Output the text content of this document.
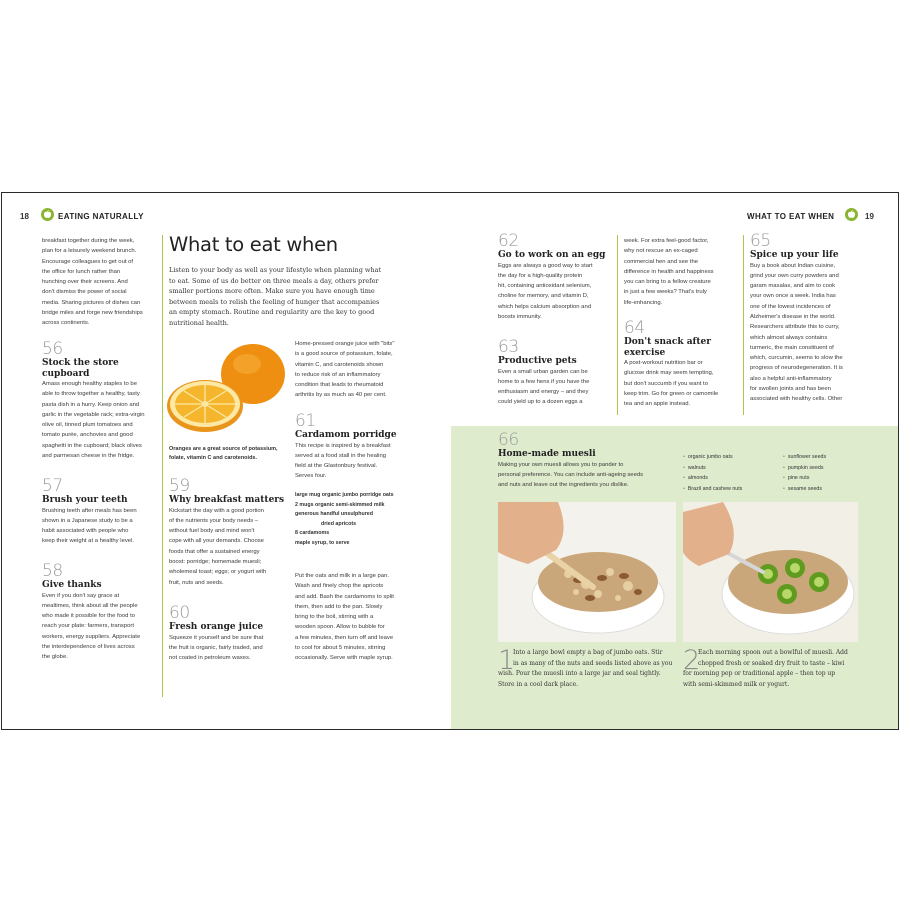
18	EATING NATURALLY	WHAT TO EAT WHEN	19
breakfast together during the week,
plan for a leisurely weekend brunch.
Encourage colleagues to get out of
the office for lunch rather than
hunching over their screens. And
don't dismiss the power of social
media. Sharing pictures of dishes can
bridge miles and forge new friendships
across continents.
56
Stock the store
cupboard
Amass enough healthy staples to be
able to throw together a healthy, tasty
pasta dish in a hurry. Keep onion and
garlic in the vegetable rack; extra-virgin
olive oil, tinned plum tomatoes and
tomato purée, anchovies and good
spaghetti in the cupboard; black olives
and parmesan cheese in the fridge.
57
Brush your teeth
Brushing teeth after meals has been
shown in a Japanese study to be a
habit associated with people who
keep their weight at a healthy level.
58
Give thanks
Even if you don't say grace at
mealtimes, think about all the people
who made it possible for the food to
reach your plate: farmers, transport
workers, energy suppliers. Appreciate
the interdependence of lives across
the globe.
What to eat when
Listen to your body as well as your lifestyle when planning what
to eat. Some of us do better on three meals a day, others prefer
smaller portions more often. Make sure you have enough time
between meals to relish the feeling of hunger that accompanies
an empty stomach. Routine and regularity are the key to good
nutritional health.
Oranges are a great source of potassium,
folate, vitamin C and carotenoids.
59
Why breakfast matters
Kickstart the day with a good portion
of the nutrients your body needs –
without fuel body and mind won't
cope with all your demands. Choose
foods that offer a sustained energy
boost: porridge; homemade muesli;
wholemeal toast; eggs; or yogurt with
fruit, nuts and seeds.
60
Fresh orange juice
Squeeze it yourself and be sure that
the fruit is organic, fairly traded, and
not coated in petroleum waxes.
Home-pressed orange juice with "bits"
is a good source of potassium, folate,
vitamin C, and carotenoids shown
to reduce risk of an inflammatory
condition that leads to rheumatoid
arthritis by as much as 40 per cent.
61
Cardamom porridge
This recipe is inspired by a breakfast
served at a food stall in the healing
field at the Glastonbury festival.
Serves four.
large mug organic jumbo porridge oats
2 mugs organic semi-skimmed milk
generous handful unsulphured
dried apricots
8 cardamoms
maple syrup, to serve
Put the oats and milk in a large pan.
Wash and finely chop the apricots
and add. Bash the cardamoms to split
them, then add to the pan. Slowly
bring to the boil, stirring with a
wooden spoon. Allow to bubble for
a few minutes, then turn off and leave
to cool for about 5 minutes, stirring
occasionally. Serve with maple syrup.
62
Go to work on an egg
Eggs are always a good way to start
the day for a high-quality protein
hit, containing antioxidant selenium,
choline for memory, and vitamin D,
which helps calcium absorption and
boosts immunity.
63
Productive pets
Even a small urban garden can be
home to a few hens if you have the
enthusiasm and energy – and they
could yield up to a dozen eggs a
week. For extra feel-good factor,
why not rescue an ex-caged
commercial hen and see the
difference in health and happiness
you can bring to a fellow creature
in just a few weeks? That's truly
life-enhancing.
64
Don't snack after
exercise
A post-workout nutrition bar or
glucose drink may seem tempting,
but don't succumb if you want to
keep trim. Go for green or camomile
tea and an apple instead.
65
Spice up your life
Buy a book about Indian cuisine,
grind your own curry powders and
garam masalas, and aim to cook
your own once a week. India has
one of the lowest incidences of
Alzheimer's disease in the world.
Researchers attribute this to curry,
which almost always contains
turmeric, the main constituent of
which, curcumin, seems to slow the
progress of neurodegeneration. It is
also a helpful anti-inflammatory
for swollen joints and has been
associated with healthy cells. Other
66
Home-made muesli
Making your own muesli allows you to pander to
personal preference. You can include anti-ageing seeds
and nuts and leave out the ingredients you dislike.
• organic jumbo oats
• walnuts
• almonds
• Brazil and cashew nuts
• sunflower seeds
• pumpkin seeds
• pine nuts
• sesame seeds
1
Into a large bowl empty a bag of jumbo oats. Stir
in as many of the nuts and seeds listed above as you
wish. Pour the muesli into a large jar and seal tightly.
Store in a cool dark place.
2
Each morning spoon out a bowlful of muesli. Add
chopped fresh or soaked dry fruit to taste – kiwi
for morning pep or traditional apple – then top up
with semi-skimmed milk or yogurt.
